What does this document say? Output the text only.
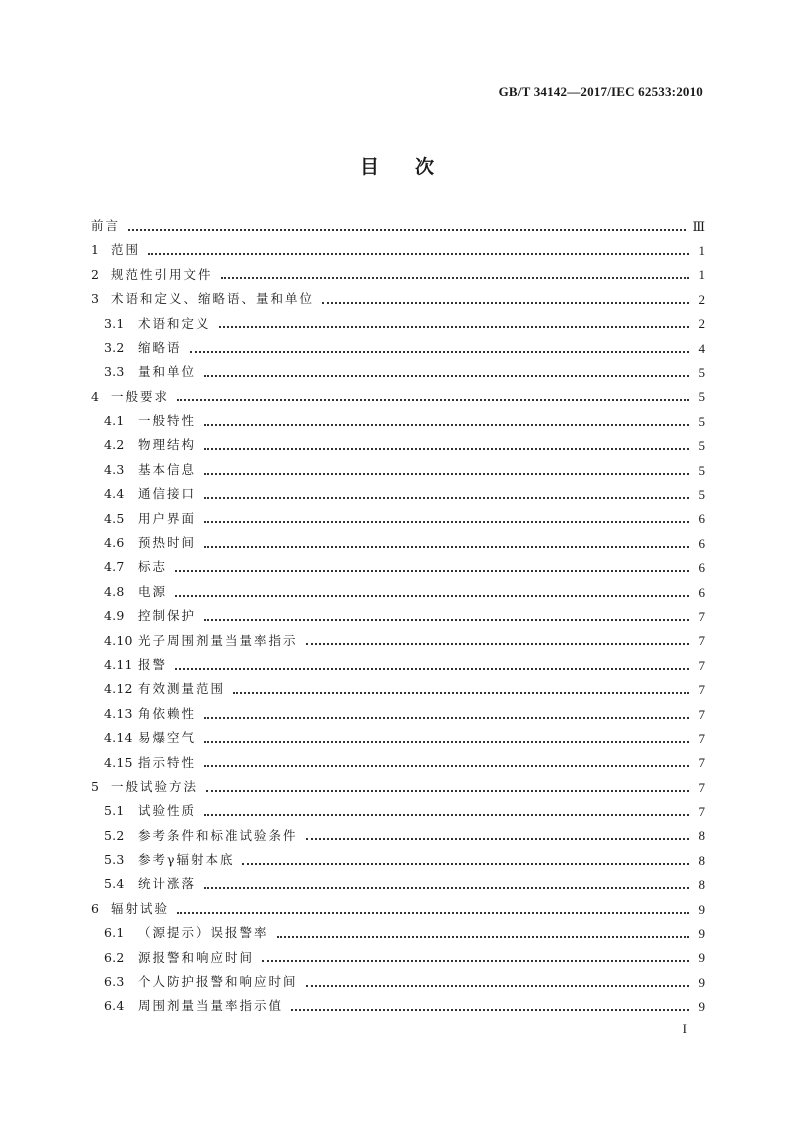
GB/T 34142—2017/IEC 62533:2010
目次
前言	Ⅲ
1 范围	1
2 规范性引用文件	1
3 术语和定义、缩略语、量和单位	2
3.1	术语和定义	2
3.2	缩略语	4
3.3	量和单位	5
4 一般要求	5
4.1	一般特性	5
4.2	物理结构	5
4.3	基本信息	5
4.4	通信接口	5
4.5	用户界面	6
4.6	预热时间	6
4.7	标志	6
4.8	电源	6
4.9	控制保护	7
4.10 光子周围剂量当量率指示	7
4.11 报警	7
4.12 有效测量范围	7
4.13 角依赖性	7
4.14 易爆空气	7
4.15 指示特性	7
5 一般试验方法	7
5.1	试验性质	7
5.2	参考条件和标准试验条件	8
5.3	参考γ辐射本底	8
5.4	统计涨落	8
6 辐射试验	9
6.1	（源提示）误报警率	9
6.2	源报警和响应时间	9
6.3	个人防护报警和响应时间	9
6.4	周围剂量当量率指示值	9
I
